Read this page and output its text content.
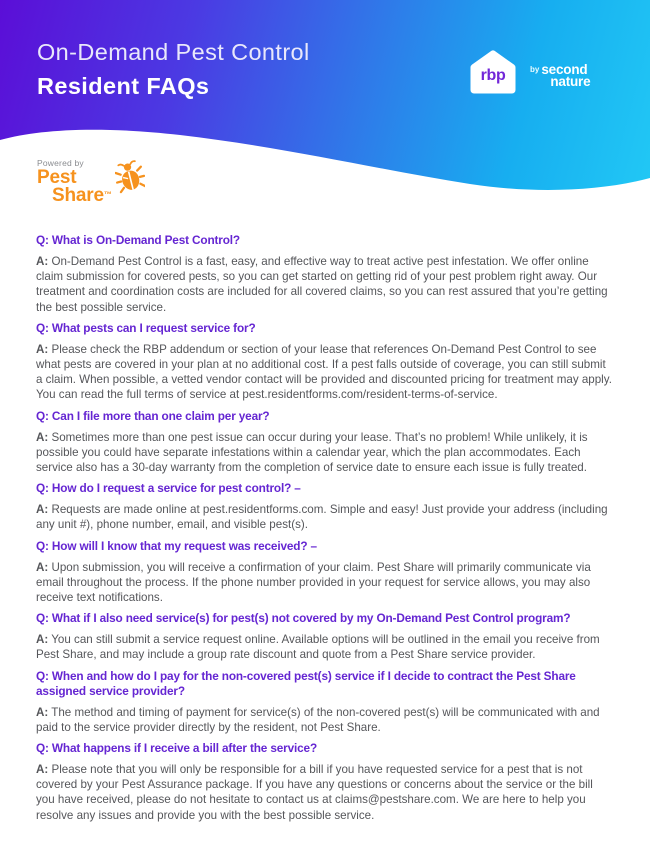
On-Demand Pest Control
Resident FAQs	rbp	by second
nature
Powered by
Pest
Share™
Q: What is On-Demand Pest Control?

A: On-Demand Pest Control is a fast, easy, and effective way to treat active pest infestation. We offer online claim submission for covered pests, so you can get started on getting rid of your pest problem right away. Our treatment and coordination costs are included for all covered claims, so you can rest assured that you’re getting the best possible service.

Q: What pests can I request service for?

A: Please check the RBP addendum or section of your lease that references On-Demand Pest Control to see what pests are covered in your plan at no additional cost. If a pest falls outside of coverage, you can still submit a claim. When possible, a vetted vendor contact will be provided and discounted pricing for treatment may apply. You can read the full terms of service at pest.residentforms.com/resident-terms-of-service.

Q: Can I file more than one claim per year?

A: Sometimes more than one pest issue can occur during your lease. That’s no problem! While unlikely, it is possible you could have separate infestations within a calendar year, which the plan accommodates. Each service also has a 30-day warranty from the completion of service date to ensure each issue is fully treated.

Q: How do I request a service for pest control? –

A: Requests are made online at pest.residentforms.com. Simple and easy! Just provide your address (including any unit #), phone number, email, and visible pest(s).

Q: How will I know that my request was received? –

A: Upon submission, you will receive a confirmation of your claim. Pest Share will primarily communicate via email throughout the process. If the phone number provided in your request for service allows, you may also receive text notifications.

Q: What if I also need service(s) for pest(s) not covered by my On-Demand Pest Control program?

A: You can still submit a service request online. Available options will be outlined in the email you receive from Pest Share, and may include a group rate discount and quote from a Pest Share service provider.

Q: When and how do I pay for the non-covered pest(s) service if I decide to contract the Pest Share assigned service provider?

A: The method and timing of payment for service(s) of the non-covered pest(s) will be communicated with and paid to the service provider directly by the resident, not Pest Share.

Q: What happens if I receive a bill after the service?

A: Please note that you will only be responsible for a bill if you have requested service for a pest that is not covered by your Pest Assurance package. If you have any questions or concerns about the service or the bill you have received, please do not hesitate to contact us at claims@pestshare.com. We are here to help you resolve any issues and provide you with the best possible service.
